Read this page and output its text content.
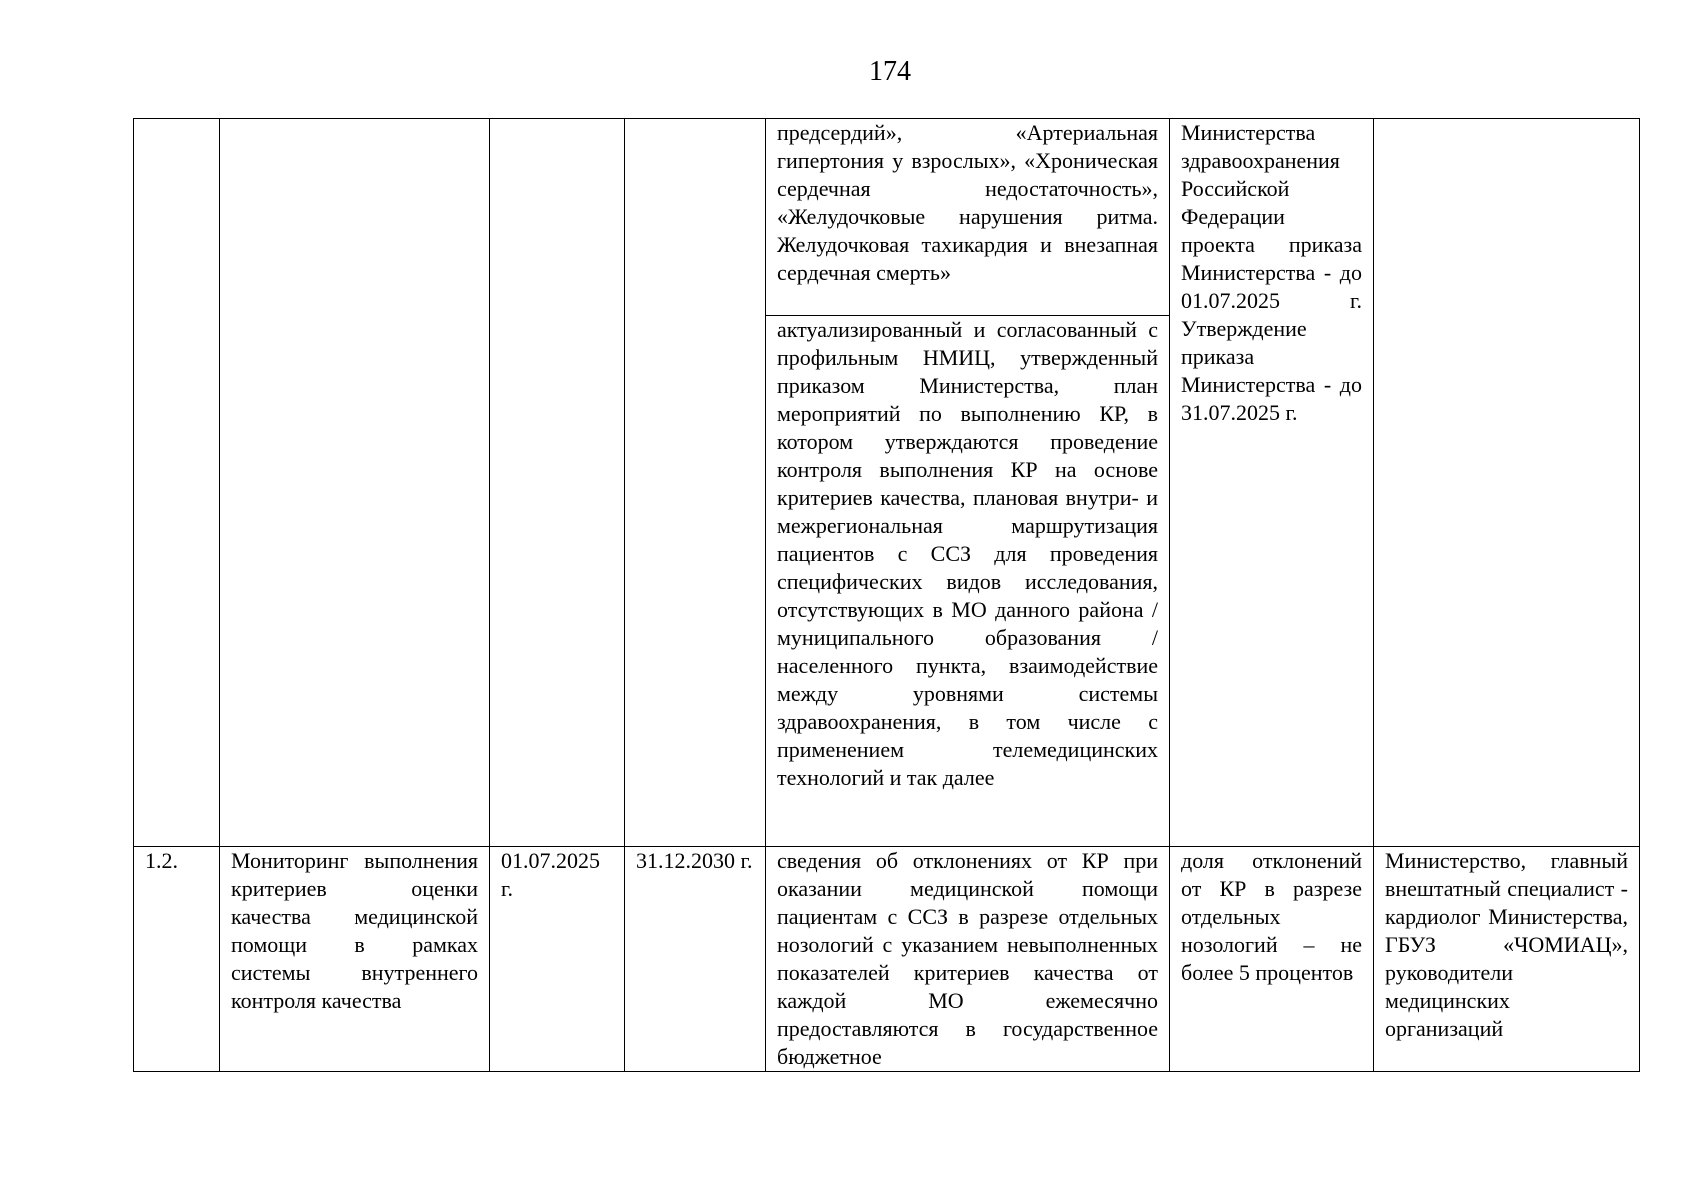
174

				предсердий», «Артериальная гипертония у взрослых», «Хроническая сердечная недостаточность», «Желудочковые нарушения ритма. Желудочковая тахикардия и внезапная сердечная смерть»	Министерства здравоохранения Российской Федерации проекта приказа Министерства - до 01.07.2025 г. Утверждение приказа Министерства - до 31.07.2025 г.	

				актуализированный и согласованный с профильным НМИЦ, утвержденный приказом Министерства, план мероприятий по выполнению КР, в котором утверждаются проведение контроля выполнения КР на основе критериев качества, плановая внутри- и межрегиональная маршрутизация пациентов с ССЗ для проведения специфических видов исследования, отсутствующих в МО данного района / муниципального образования / населенного пункта, взаимодействие между уровнями системы здравоохранения, в том числе с применением телемедицинских технологий и так далее		

1.2.	Мониторинг выполнения критериев оценки качества медицинской помощи в рамках системы внутреннего контроля качества	01.07.2025 г.	31.12.2030 г.	сведения об отклонениях от КР при оказании медицинской помощи пациентам с ССЗ в разрезе отдельных нозологий с указанием невыполненных показателей критериев качества от каждой МО ежемесячно предоставляются в государственное бюджетное	доля отклонений от КР в разрезе отдельных нозологий – не более 5 процентов	Министерство, главный внештатный специалист - кардиолог Министерства, ГБУЗ «ЧОМИАЦ», руководители медицинских организаций
